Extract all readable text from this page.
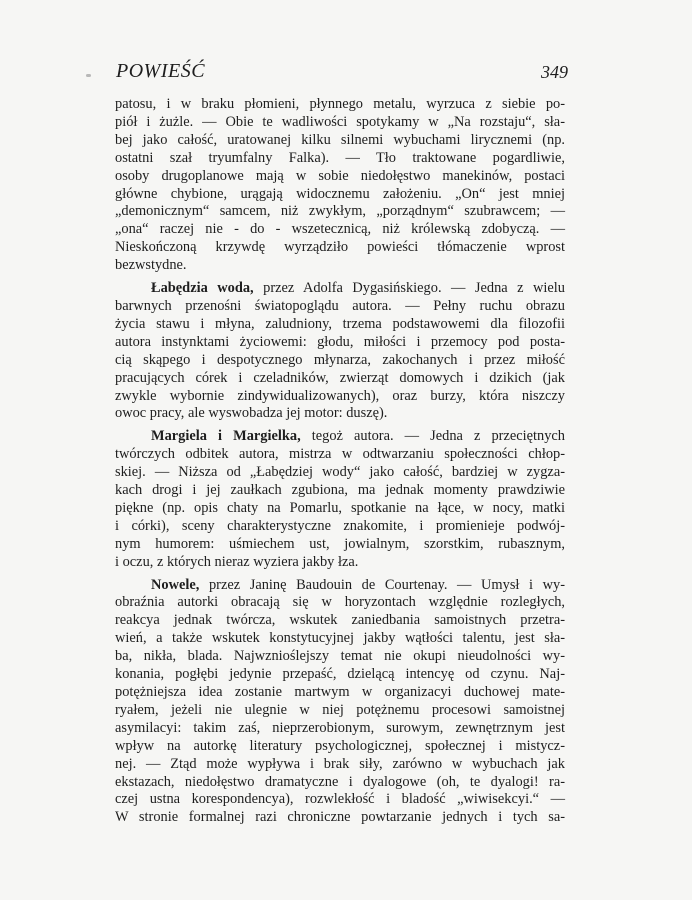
POWIEŚĆ	349
patosu, i w braku płomieni, płynnego metalu, wyrzuca z siebie po-
piół i żużle. — Obie te wadliwości spotykamy w „Na rozstaju“, sła-
bej jako całość, uratowanej kilku silnemi wybuchami lirycznemi (np.
ostatni szał tryumfalny Falka). — Tło traktowane pogardliwie,
osoby drugoplanowe mają w sobie niedołęstwo manekinów, postaci
główne chybione, urągają widocznemu założeniu. „On“ jest mniej
„demonicznym“ samcem, niż zwykłym, „porządnym“ szubrawcem; —
„ona“ raczej nie - do - wszetecznicą, niż królewską zdobyczą. —
Nieskończoną krzywdę wyrządziło powieści tłómaczenie wprost
bezwstydne.
Łabędzia woda, przez Adolfa Dygasińskiego. — Jedna z wielu
barwnych przenośni światopoglądu autora. — Pełny ruchu obrazu
życia stawu i młyna, zaludniony, trzema podstawowemi dla filozofii
autora instynktami życiowemi: głodu, miłości i przemocy pod posta-
cią skąpego i despotycznego młynarza, zakochanych i przez miłość
pracujących córek i czeladników, zwierząt domowych i dzikich (jak
zwykle wybornie zindywidualizowanych), oraz burzy, która niszczy
owoc pracy, ale wyswobadza jej motor: duszę).
Margiela i Margielka, tegoż autora. — Jedna z przeciętnych
twórczych odbitek autora, mistrza w odtwarzaniu społeczności chłop-
skiej. — Niższa od „Łabędziej wody“ jako całość, bardziej w zygza-
kach drogi i jej zaułkach zgubiona, ma jednak momenty prawdziwie
piękne (np. opis chaty na Pomarlu, spotkanie na łące, w nocy, matki
i córki), sceny charakterystyczne znakomite, i promienieje podwój-
nym humorem: uśmiechem ust, jowialnym, szorstkim, rubasznym,
i oczu, z których nieraz wyziera jakby łza.
Nowele, przez Janinę Baudouin de Courtenay. — Umysł i wy-
obraźnia autorki obracają się w horyzontach względnie rozległych,
reakcya jednak twórcza, wskutek zaniedbania samoistnych przetra-
wień, a także wskutek konstytucyjnej jakby wątłości talentu, jest sła-
ba, nikła, blada. Najwznioślejszy temat nie okupi nieudolności wy-
konania, pogłębi jedynie przepaść, dzielącą intencyę od czynu. Naj-
potężniejsza idea zostanie martwym w organizacyi duchowej mate-
ryałem, jeżeli nie ulegnie w niej potężnemu procesowi samoistnej
asymilacyi: takim zaś, nieprzerobionym, surowym, zewnętrznym jest
wpływ na autorkę literatury psychologicznej, społecznej i mistycz-
nej. — Ztąd może wypływa i brak siły, zarówno w wybuchach jak
ekstazach, niedołęstwo dramatyczne i dyalogowe (oh, te dyalogi! ra-
czej ustna korespondencya), rozwlekłość i bladość „wiwisekcyi.“ —
W stronie formalnej razi chroniczne powtarzanie jednych i tych sa-
